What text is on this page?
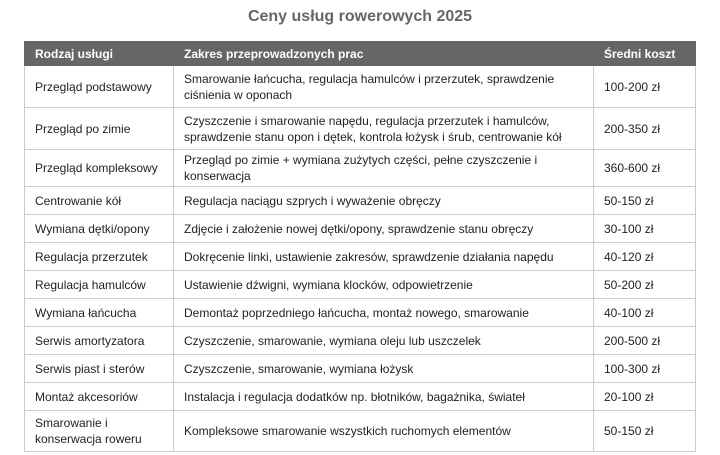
Ceny usług rowerowych 2025
Rodzaj usługi	Zakres przeprowadzonych prac	Średni koszt
Przegląd podstawowy	Smarowanie łańcucha, regulacja hamulców i przerzutek, sprawdzenie ciśnienia w oponach	100-200 zł
Przegląd po zimie	Czyszczenie i smarowanie napędu, regulacja przerzutek i hamulców, sprawdzenie stanu opon i dętek, kontrola łożysk i śrub, centrowanie kół	200-350 zł
Przegląd kompleksowy	Przegląd po zimie + wymiana zużytych części, pełne czyszczenie i konserwacja	360-600 zł
Centrowanie kół	Regulacja naciągu szprych i wyważenie obręczy	50-150 zł
Wymiana dętki/opony	Zdjęcie i założenie nowej dętki/opony, sprawdzenie stanu obręczy	30-100 zł
Regulacja przerzutek	Dokręcenie linki, ustawienie zakresów, sprawdzenie działania napędu	40-120 zł
Regulacja hamulców	Ustawienie dźwigni, wymiana klocków, odpowietrzenie	50-200 zł
Wymiana łańcucha	Demontaż poprzedniego łańcucha, montaż nowego, smarowanie	40-100 zł
Serwis amortyzatora	Czyszczenie, smarowanie, wymiana oleju lub uszczelek	200-500 zł
Serwis piast i sterów	Czyszczenie, smarowanie, wymiana łożysk	100-300 zł
Montaż akcesoriów	Instalacja i regulacja dodatków np. błotników, bagażnika, świateł	20-100 zł
Smarowanie i konserwacja roweru	Kompleksowe smarowanie wszystkich ruchomych elementów	50-150 zł
